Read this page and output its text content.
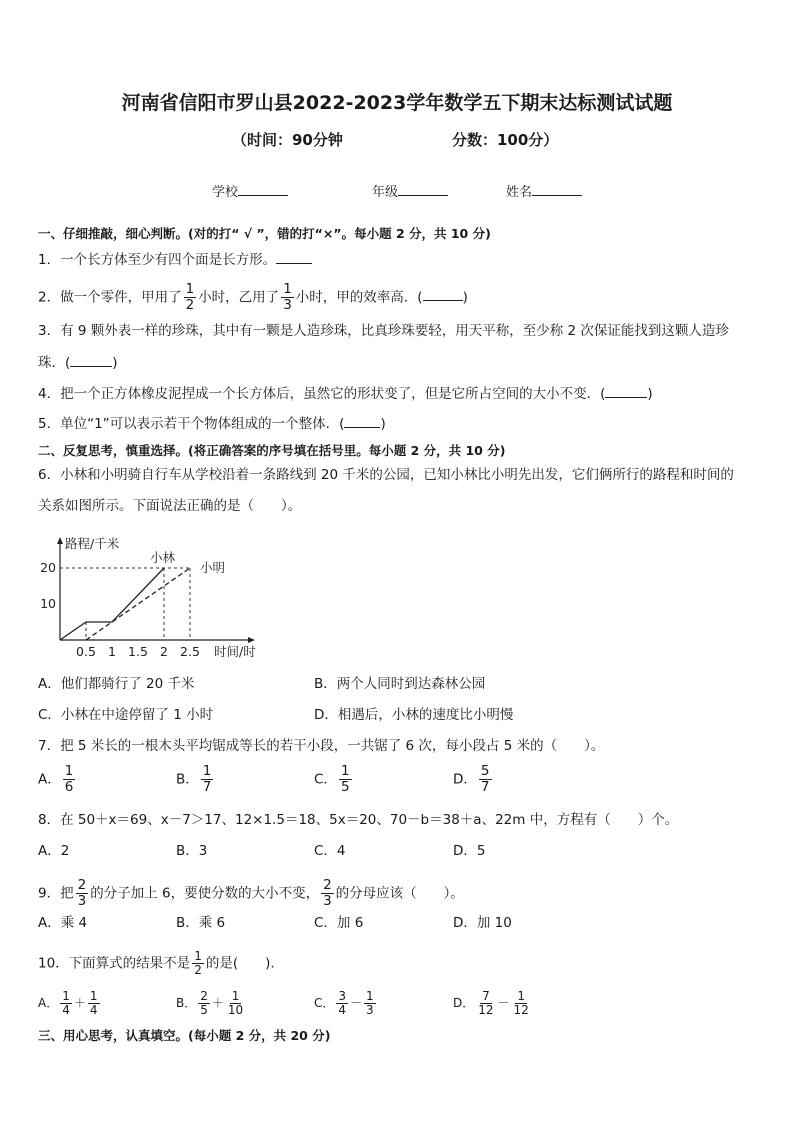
河南省信阳市罗山县2022-2023学年数学五下期末达标测试试题
（时间：90分钟	分数：100分）
学校	年级	姓名
一、仔细推敲，细心判断。(对的打“ √ ”，错的打“×”。每小题 2 分，共 10 分)
1．一个长方体至少有四个面是长方形。
2．做一个零件，甲用了 $\frac{1}{2}$ 小时，乙用了 $\frac{1}{3}$ 小时，甲的效率高．(	)
3．有 9 颗外表一样的珍珠，其中有一颗是人造珍珠，比真珍珠要轻，用天平称，至少称 2 次保证能找到这颗人造珍
珠．(	)
4．把一个正方体橡皮泥捏成一个长方体后，虽然它的形状变了，但是它所占空间的大小不变．(	)
5．单位“1”可以表示若干个物体组成的一个整体．(	)
二、反复思考，慎重选择。(将正确答案的序号填在括号里。每小题 2 分，共 10 分)
6．小林和小明骑自行车从学校沿着一条路线到 20 千米的公园，已知小林比小明先出发，它们俩所行的路程和时间的
关系如图所示。下面说法正确的是（　　）。
路程/千米
时间/时
10
20
0.5 1 1.5 2 2.5
小林
小明
A．他们都骑行了 20 千米	B．两个人同时到达森林公园
C．小林在中途停留了 1 小时	D．相遇后，小林的速度比小明慢
7．把 5 米长的一根木头平均锯成等长的若干小段，一共锯了 6 次，每小段占 5 米的（　　）。
A． $\frac{1}{6}$	B． $\frac{1}{7}$	C． $\frac{1}{5}$	D． $\frac{5}{7}$
8．在 50＋x＝69、x－7＞17、12×1.5＝18、5x＝20、70－b＝38＋a、22m 中，方程有（　　）个。
A．2	B．3	C．4	D．5
9．把 $\frac{2}{3}$ 的分子加上 6，要使分数的大小不变， $\frac{2}{3}$ 的分母应该（　　）。
A．乘 4	B．乘 6	C．加 6	D．加 10
10．下面算式的结果不是 $\frac{1}{2}$ 的是(　　).
A． $\frac{1}{4} + \frac{1}{4}$	B． $\frac{2}{5} + \frac{1}{10}$	C． $\frac{3}{4} - \frac{1}{3}$	D． $\frac{7}{12} - \frac{1}{12}$
三、用心思考，认真填空。(每小题 2 分，共 20 分)
